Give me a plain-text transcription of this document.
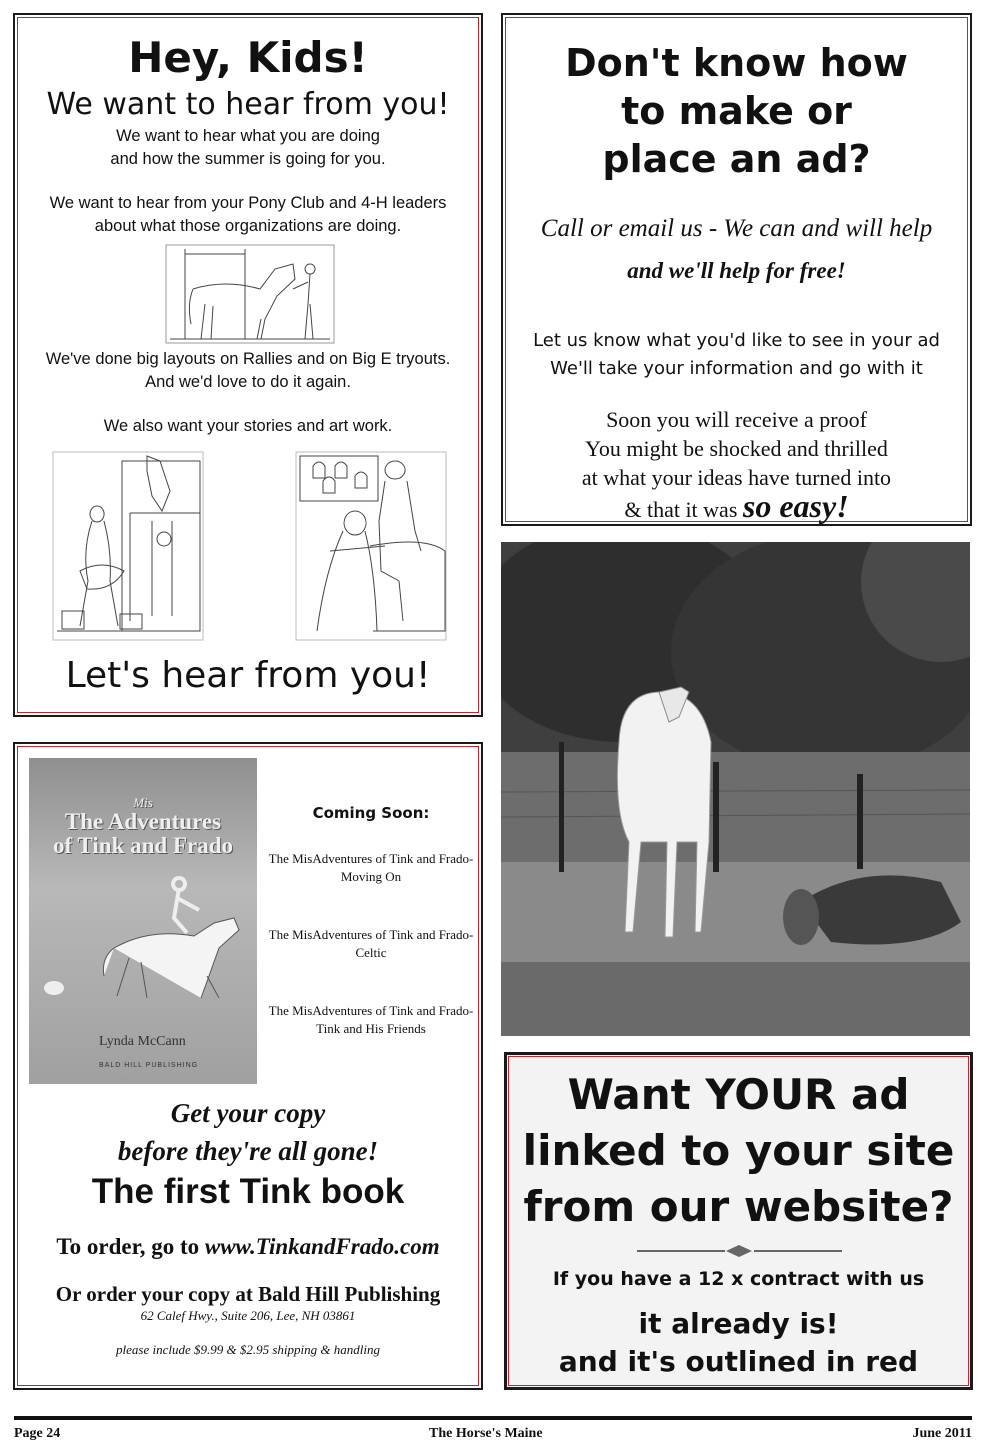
Hey, Kids!
We want to hear from you!
We want to hear what you are doing
and how the summer is going for you.
We want to hear from your Pony Club and 4-H leaders
about what those organizations are doing.
We've done big layouts on Rallies and on Big E tryouts.
And we'd love to do it again.
We also want your stories and art work.
Let's hear from you!
Don't know how
to make or
place an ad?
Call or email us - We can and will help
and we'll help for free!
Let us know what you'd like to see in your ad
We'll take your information and go with it
Soon you will receive a proof
You might be shocked and thrilled
at what your ideas have turned into
& that it was so easy!
Mis
The Adventures
of Tink and Frado
Lynda McCann
BALD HILL PUBLISHING
Coming Soon:
The MisAdventures of Tink and Frado-
Moving On
The MisAdventures of Tink and Frado-
Celtic
The MisAdventures of Tink and Frado-
Tink and His Friends
Get your copy
before they're all gone!
The first Tink book
To order, go to www.TinkandFrado.com
Or order your copy at Bald Hill Publishing
62 Calef Hwy., Suite 206, Lee, NH 03861
please include $9.99 & $2.95 shipping & handling
Want YOUR ad
linked to your site
from our website?
If you have a 12 x contract with us
it already is!
and it's outlined in red
Page 24	The Horse's Maine	June 2011
